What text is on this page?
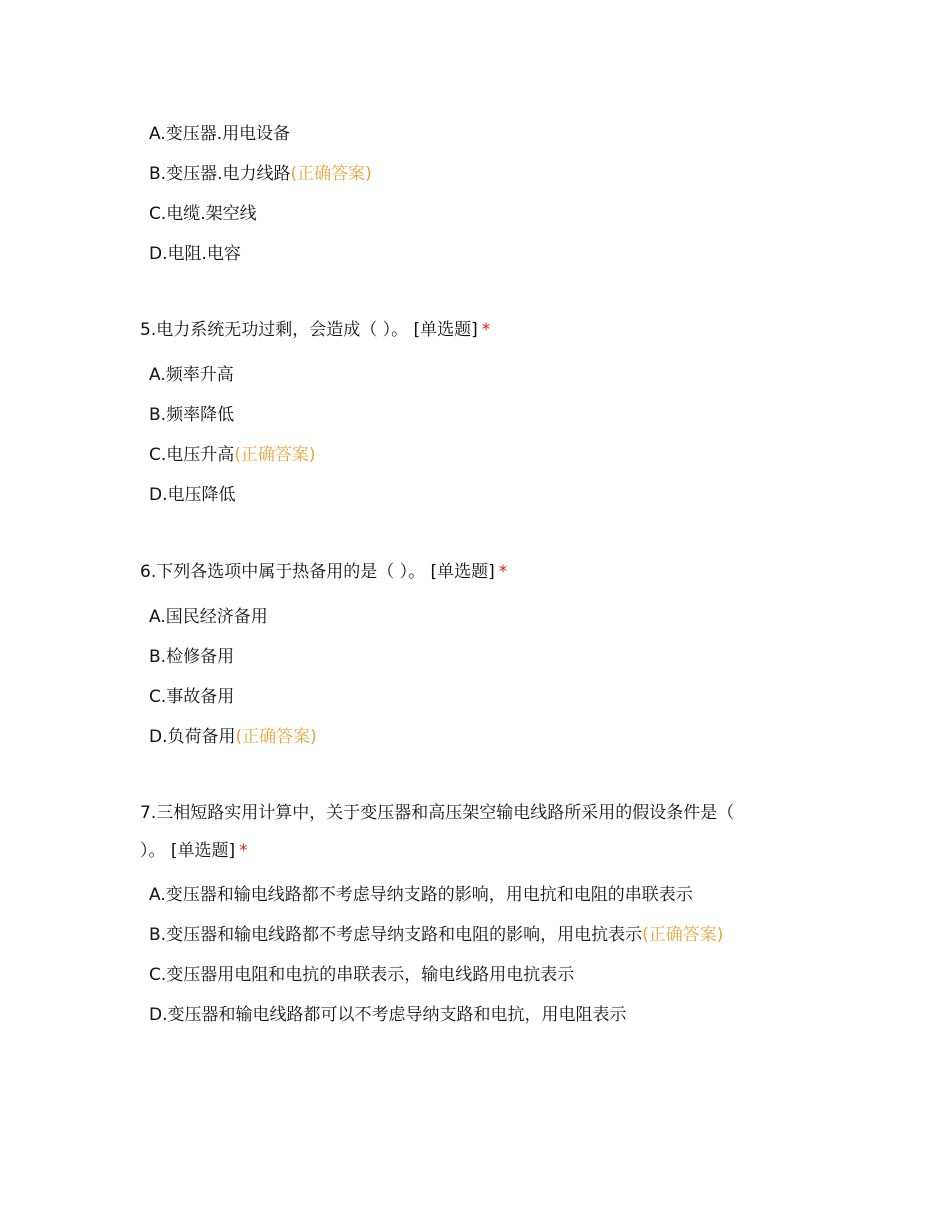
A.变压器.用电设备
B.变压器.电力线路(正确答案)
C.电缆.架空线
D.电阻.电容
5.电力系统无功过剩，会造成（ ）。 [单选题] *
A.频率升高
B.频率降低
C.电压升高(正确答案)
D.电压降低
6.下列各选项中属于热备用的是（ ）。 [单选题] *
A.国民经济备用
B.检修备用
C.事故备用
D.负荷备用(正确答案)
7.三相短路实用计算中，关于变压器和高压架空输电线路所采用的假设条件是（
）。 [单选题] *
A.变压器和输电线路都不考虑导纳支路的影响，用电抗和电阻的串联表示
B.变压器和输电线路都不考虑导纳支路和电阻的影响，用电抗表示(正确答案)
C.变压器用电阻和电抗的串联表示，输电线路用电抗表示
D.变压器和输电线路都可以不考虑导纳支路和电抗，用电阻表示
